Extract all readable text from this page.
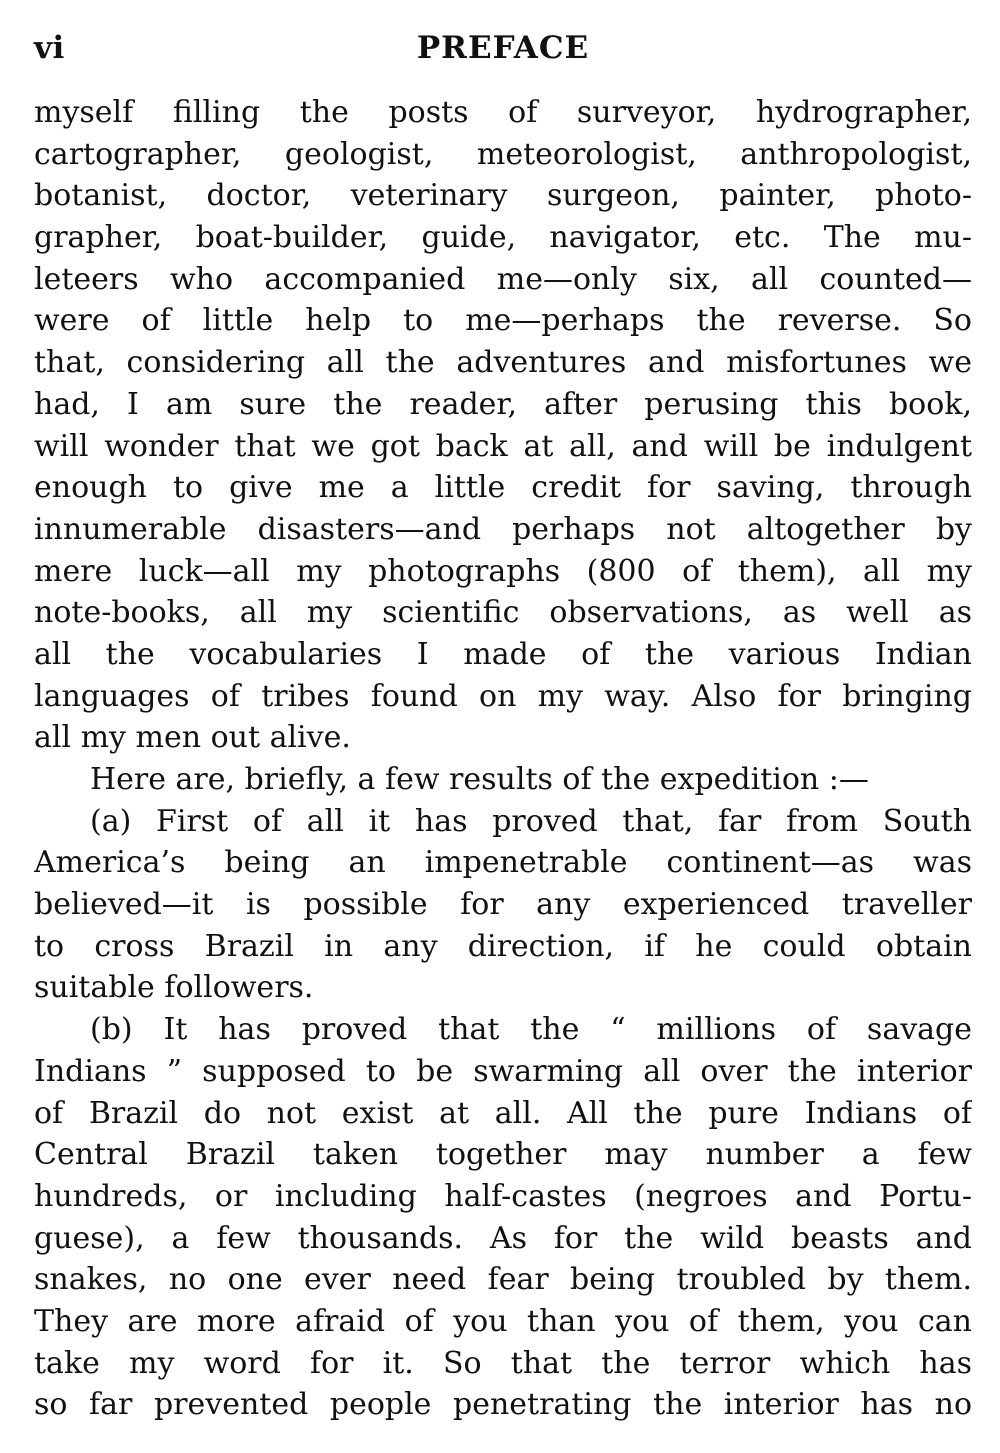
vi	PREFACE
myself filling the posts of surveyor, hydrographer,
cartographer, geologist, meteorologist, anthropologist,
botanist, doctor, veterinary surgeon, painter, photo-
grapher, boat-builder, guide, navigator, etc. The mu-
leteers who accompanied me—only six, all counted—
were of little help to me—perhaps the reverse. So
that, considering all the adventures and misfortunes we
had, I am sure the reader, after perusing this book,
will wonder that we got back at all, and will be indulgent
enough to give me a little credit for saving, through
innumerable disasters—and perhaps not altogether by
mere luck—all my photographs (800 of them), all my
note-books, all my scientific observations, as well as
all the vocabularies I made of the various Indian
languages of tribes found on my way. Also for bringing
all my men out alive.
Here are, briefly, a few results of the expedition :—
(a) First of all it has proved that, far from South
America’s being an impenetrable continent—as was
believed—it is possible for any experienced traveller
to cross Brazil in any direction, if he could obtain
suitable followers.
(b) It has proved that the “ millions of savage
Indians ” supposed to be swarming all over the interior
of Brazil do not exist at all. All the pure Indians of
Central Brazil taken together may number a few
hundreds, or including half-castes (negroes and Portu-
guese), a few thousands. As for the wild beasts and
snakes, no one ever need fear being troubled by them.
They are more afraid of you than you of them, you can
take my word for it. So that the terror which has
so far prevented people penetrating the interior has no
